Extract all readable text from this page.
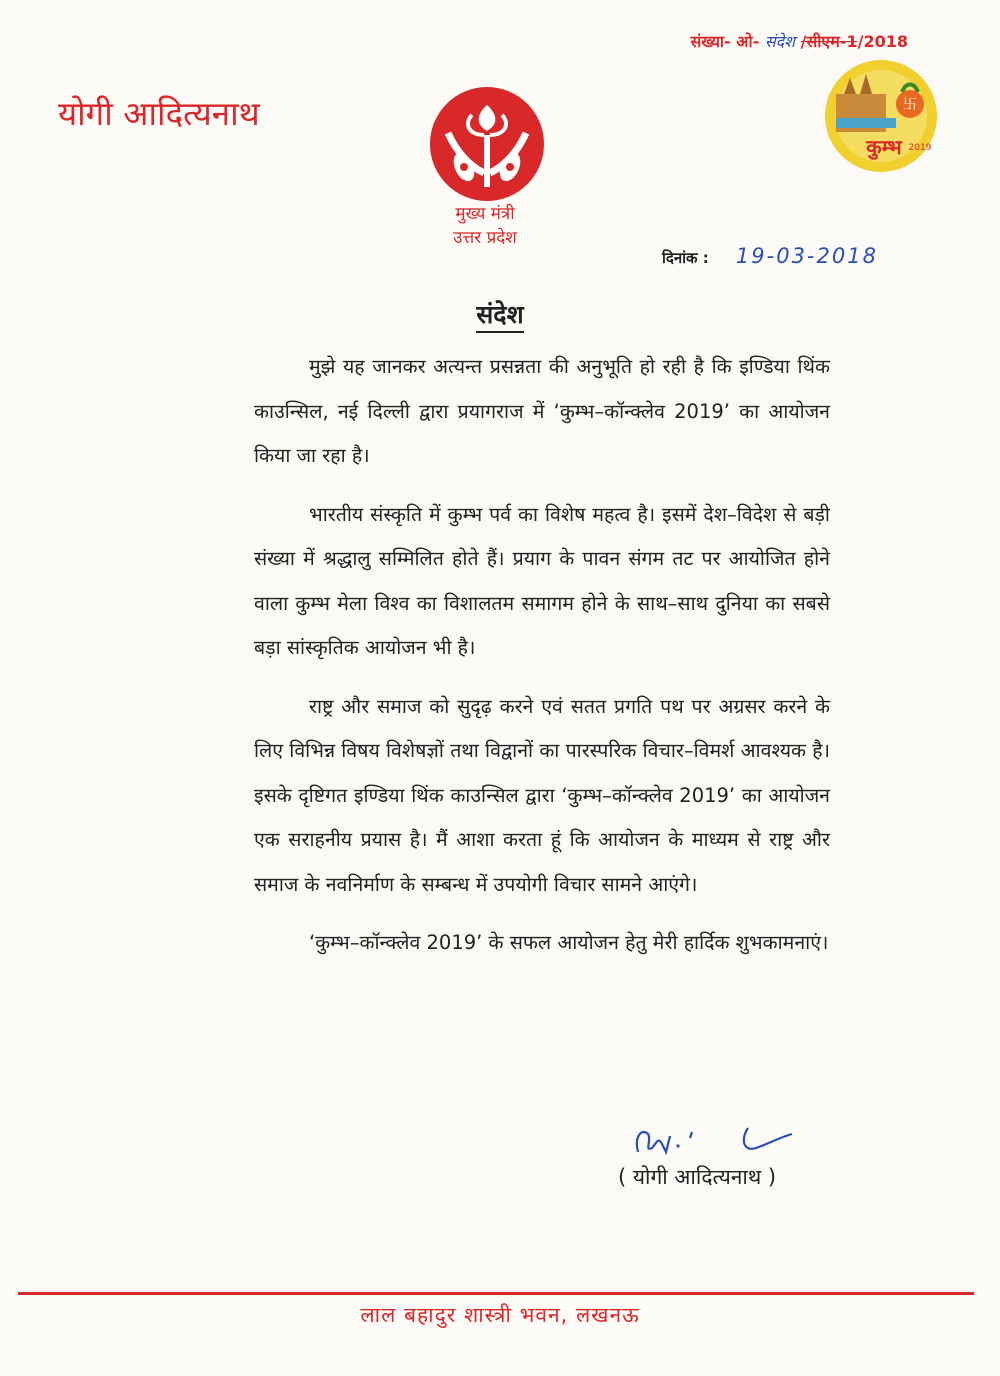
योगी आदित्यनाथ
संख्या- ओ- संदेश /सीएम-1/2018
मुख्य मंत्री
उत्तर प्रदेश
卐
कुम्भ 2019
दिनांक : 19-03-2018
संदेश

मुझे यह जानकर अत्यन्त प्रसन्नता की अनुभूति हो रही है कि इण्डिया थिंक काउन्सिल, नई दिल्ली द्वारा प्रयागराज में ‘कुम्भ–कॉन्क्लेव 2019’ का आयोजन किया जा रहा है।

भारतीय संस्कृति में कुम्भ पर्व का विशेष महत्व है। इसमें देश–विदेश से बड़ी संख्या में श्रद्धालु सम्मिलित होते हैं। प्रयाग के पावन संगम तट पर आयोजित होने वाला कुम्भ मेला विश्व का विशालतम समागम होने के साथ–साथ दुनिया का सबसे बड़ा सांस्कृतिक आयोजन भी है।

राष्ट्र और समाज को सुदृढ़ करने एवं सतत प्रगति पथ पर अग्रसर करने के लिए विभिन्न विषय विशेषज्ञों तथा विद्वानों का पारस्परिक विचार–विमर्श आवश्यक है। इसके दृष्टिगत इण्डिया थिंक काउन्सिल द्वारा ‘कुम्भ–कॉन्क्लेव 2019’ का आयोजन एक सराहनीय प्रयास है। मैं आशा करता हूं कि आयोजन के माध्यम से राष्ट्र और समाज के नवनिर्माण के सम्बन्ध में उपयोगी विचार सामने आएंगे।

‘कुम्भ–कॉन्क्लेव 2019’ के सफल आयोजन हेतु मेरी हार्दिक शुभकामनाएं।

( योगी आदित्यनाथ )
लाल बहादुर शास्त्री भवन, लखनऊ
